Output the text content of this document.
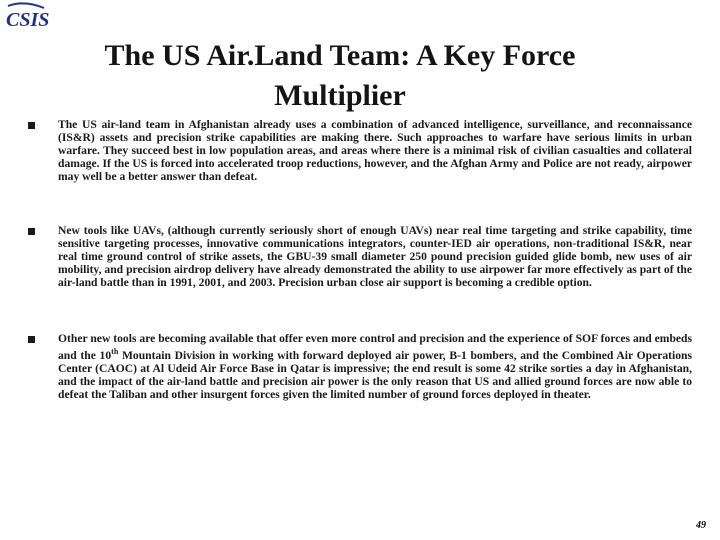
CSIS
The US Air.Land Team: A Key Force
Multiplier
The US air-land team in Afghanistan already uses a combination of advanced intelligence, surveillance, and reconnaissance (IS&R) assets and precision strike capabilities are making there. Such approaches to warfare have serious limits in urban warfare. They succeed best in low population areas, and areas where there is a minimal risk of civilian casualties and collateral damage. If the US is forced into accelerated troop reductions, however, and the Afghan Army and Police are not ready, airpower may well be a better answer than defeat.
New tools like UAVs, (although currently seriously short of enough UAVs) near real time targeting and strike capability, time sensitive targeting processes, innovative communications integrators, counter-IED air operations, non-traditional IS&R, near real time ground control of strike assets, the GBU-39 small diameter 250 pound precision guided glide bomb, new uses of air mobility, and precision airdrop delivery have already demonstrated the ability to use airpower far more effectively as part of the air-land battle than in 1991, 2001, and 2003. Precision urban close air support is becoming a credible option.
Other new tools are becoming available that offer even more control and precision and the experience of SOF forces and embeds and the 10th Mountain Division in working with forward deployed air power, B-1 bombers, and the Combined Air Operations Center (CAOC) at Al Udeid Air Force Base in Qatar is impressive; the end result is some 42 strike sorties a day in Afghanistan, and the impact of the air-land battle and precision air power is the only reason that US and allied ground forces are now able to defeat the Taliban and other insurgent forces given the limited number of ground forces deployed in theater.
49
